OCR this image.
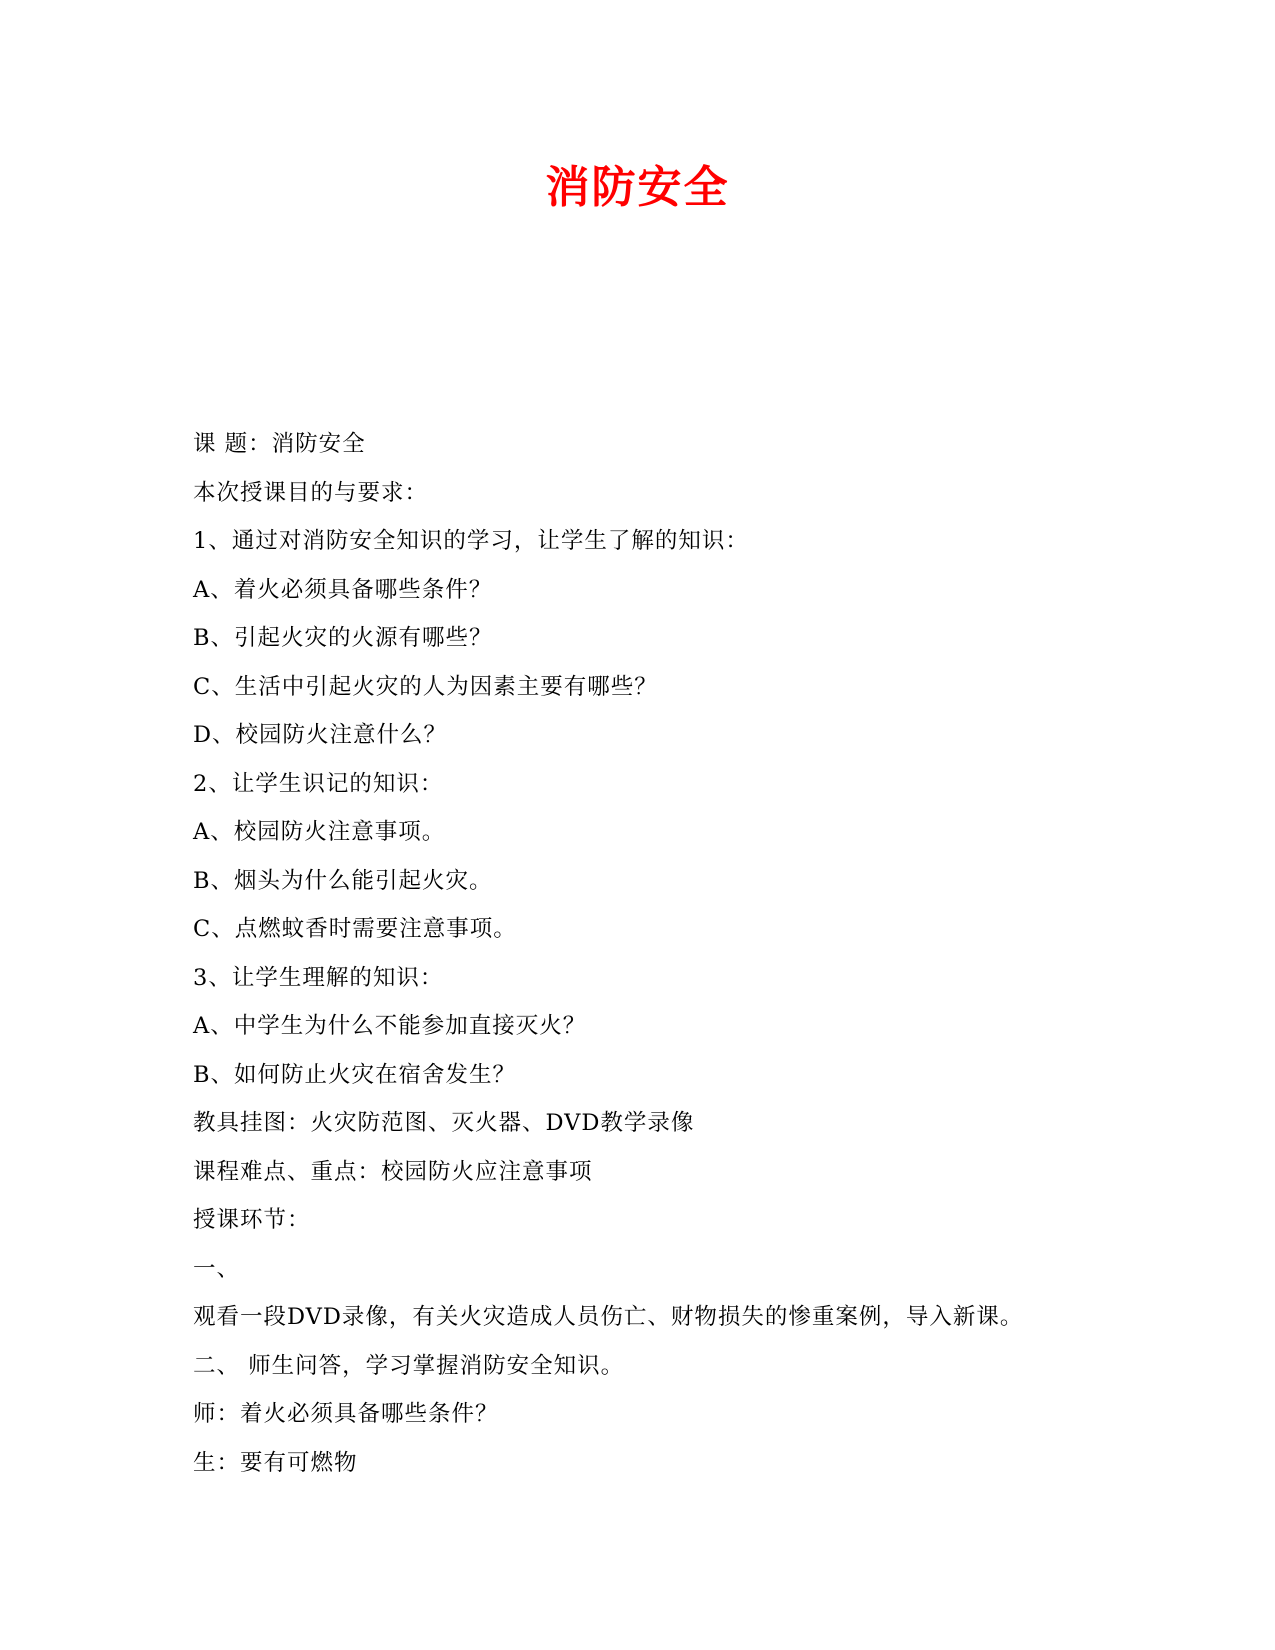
消防安全
课 题：消防安全
本次授课目的与要求：
1、通过对消防安全知识的学习，让学生了解的知识：
A、着火必须具备哪些条件？
B、引起火灾的火源有哪些？
C、生活中引起火灾的人为因素主要有哪些？
D、校园防火注意什么？
2、让学生识记的知识：
A、校园防火注意事项。
B、烟头为什么能引起火灾。
C、点燃蚊香时需要注意事项。
3、让学生理解的知识：
A、中学生为什么不能参加直接灭火？
B、如何防止火灾在宿舍发生？
教具挂图：火灾防范图、灭火器、DVD教学录像
课程难点、重点：校园防火应注意事项
授课环节：
一、
观看一段DVD录像，有关火灾造成人员伤亡、财物损失的惨重案例，导入新课。
二、 师生问答，学习掌握消防安全知识。
师：着火必须具备哪些条件？
生：要有可燃物
